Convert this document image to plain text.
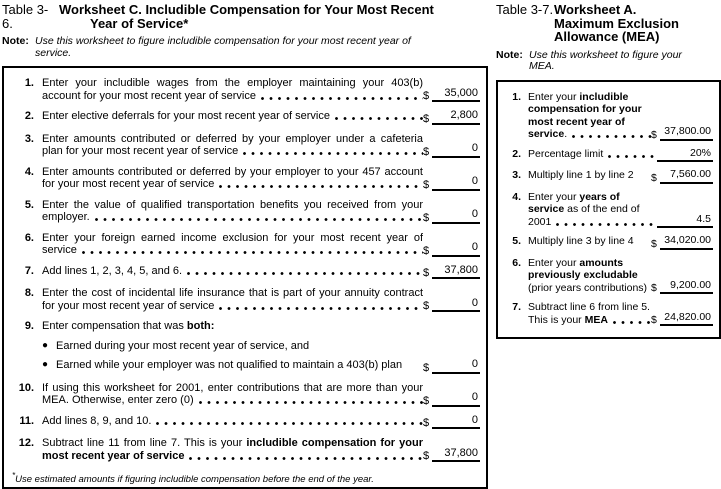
Table 3-6.
Worksheet C. Includible Compensation for Your Most Recent
Year of Service*
Note: Use this worksheet to figure includible compensation for your most recent year of service.
1. Enter your includible wages from the employer maintaining your 403(b) account for your most recent year of service	$	35,000
2. Enter elective deferrals for your most recent year of service	$	2,800
3. Enter amounts contributed or deferred by your employer under a cafeteria plan for your most recent year of service	$	0
4. Enter amounts contributed or deferred by your employer to your 457 account for your most recent year of service	$	0
5. Enter the value of qualified transportation benefits you received from your employer.	$	0
6. Enter your foreign earned income exclusion for your most recent year of service	$	0
7. Add lines 1, 2, 3, 4, 5, and 6.	$	37,800
8. Enter the cost of incidental life insurance that is part of your annuity contract for your most recent year of service	$	0
9. Enter compensation that was both:
● Earned during your most recent year of service, and
● Earned while your employer was not qualified to maintain a 403(b) plan	$	0
10. If using this worksheet for 2001, enter contributions that are more than your MEA. Otherwise, enter zero (0)	$	0
11. Add lines 8, 9, and 10.	$	0
12. Subtract line 11 from line 7. This is your includible compensation for your most recent year of service	$	37,800
*Use estimated amounts if figuring includible compensation before the end of the year.
Table 3-7. Worksheet A.
Maximum Exclusion
Allowance (MEA)
Note: Use this worksheet to figure your MEA.
1. Enter your includible compensation for your most recent year of service.	$ 37,800.00
2. Percentage limit	20%
3. Multiply line 1 by line 2	$	7,560.00
4. Enter your years of service as of the end of 2001	4.5
5. Multiply line 3 by line 4	$ 34,020.00
6. Enter your amounts previously excludable (prior years contributions) $	9,200.00
7. Subtract line 6 from line 5. This is your MEA	$ 24,820.00
